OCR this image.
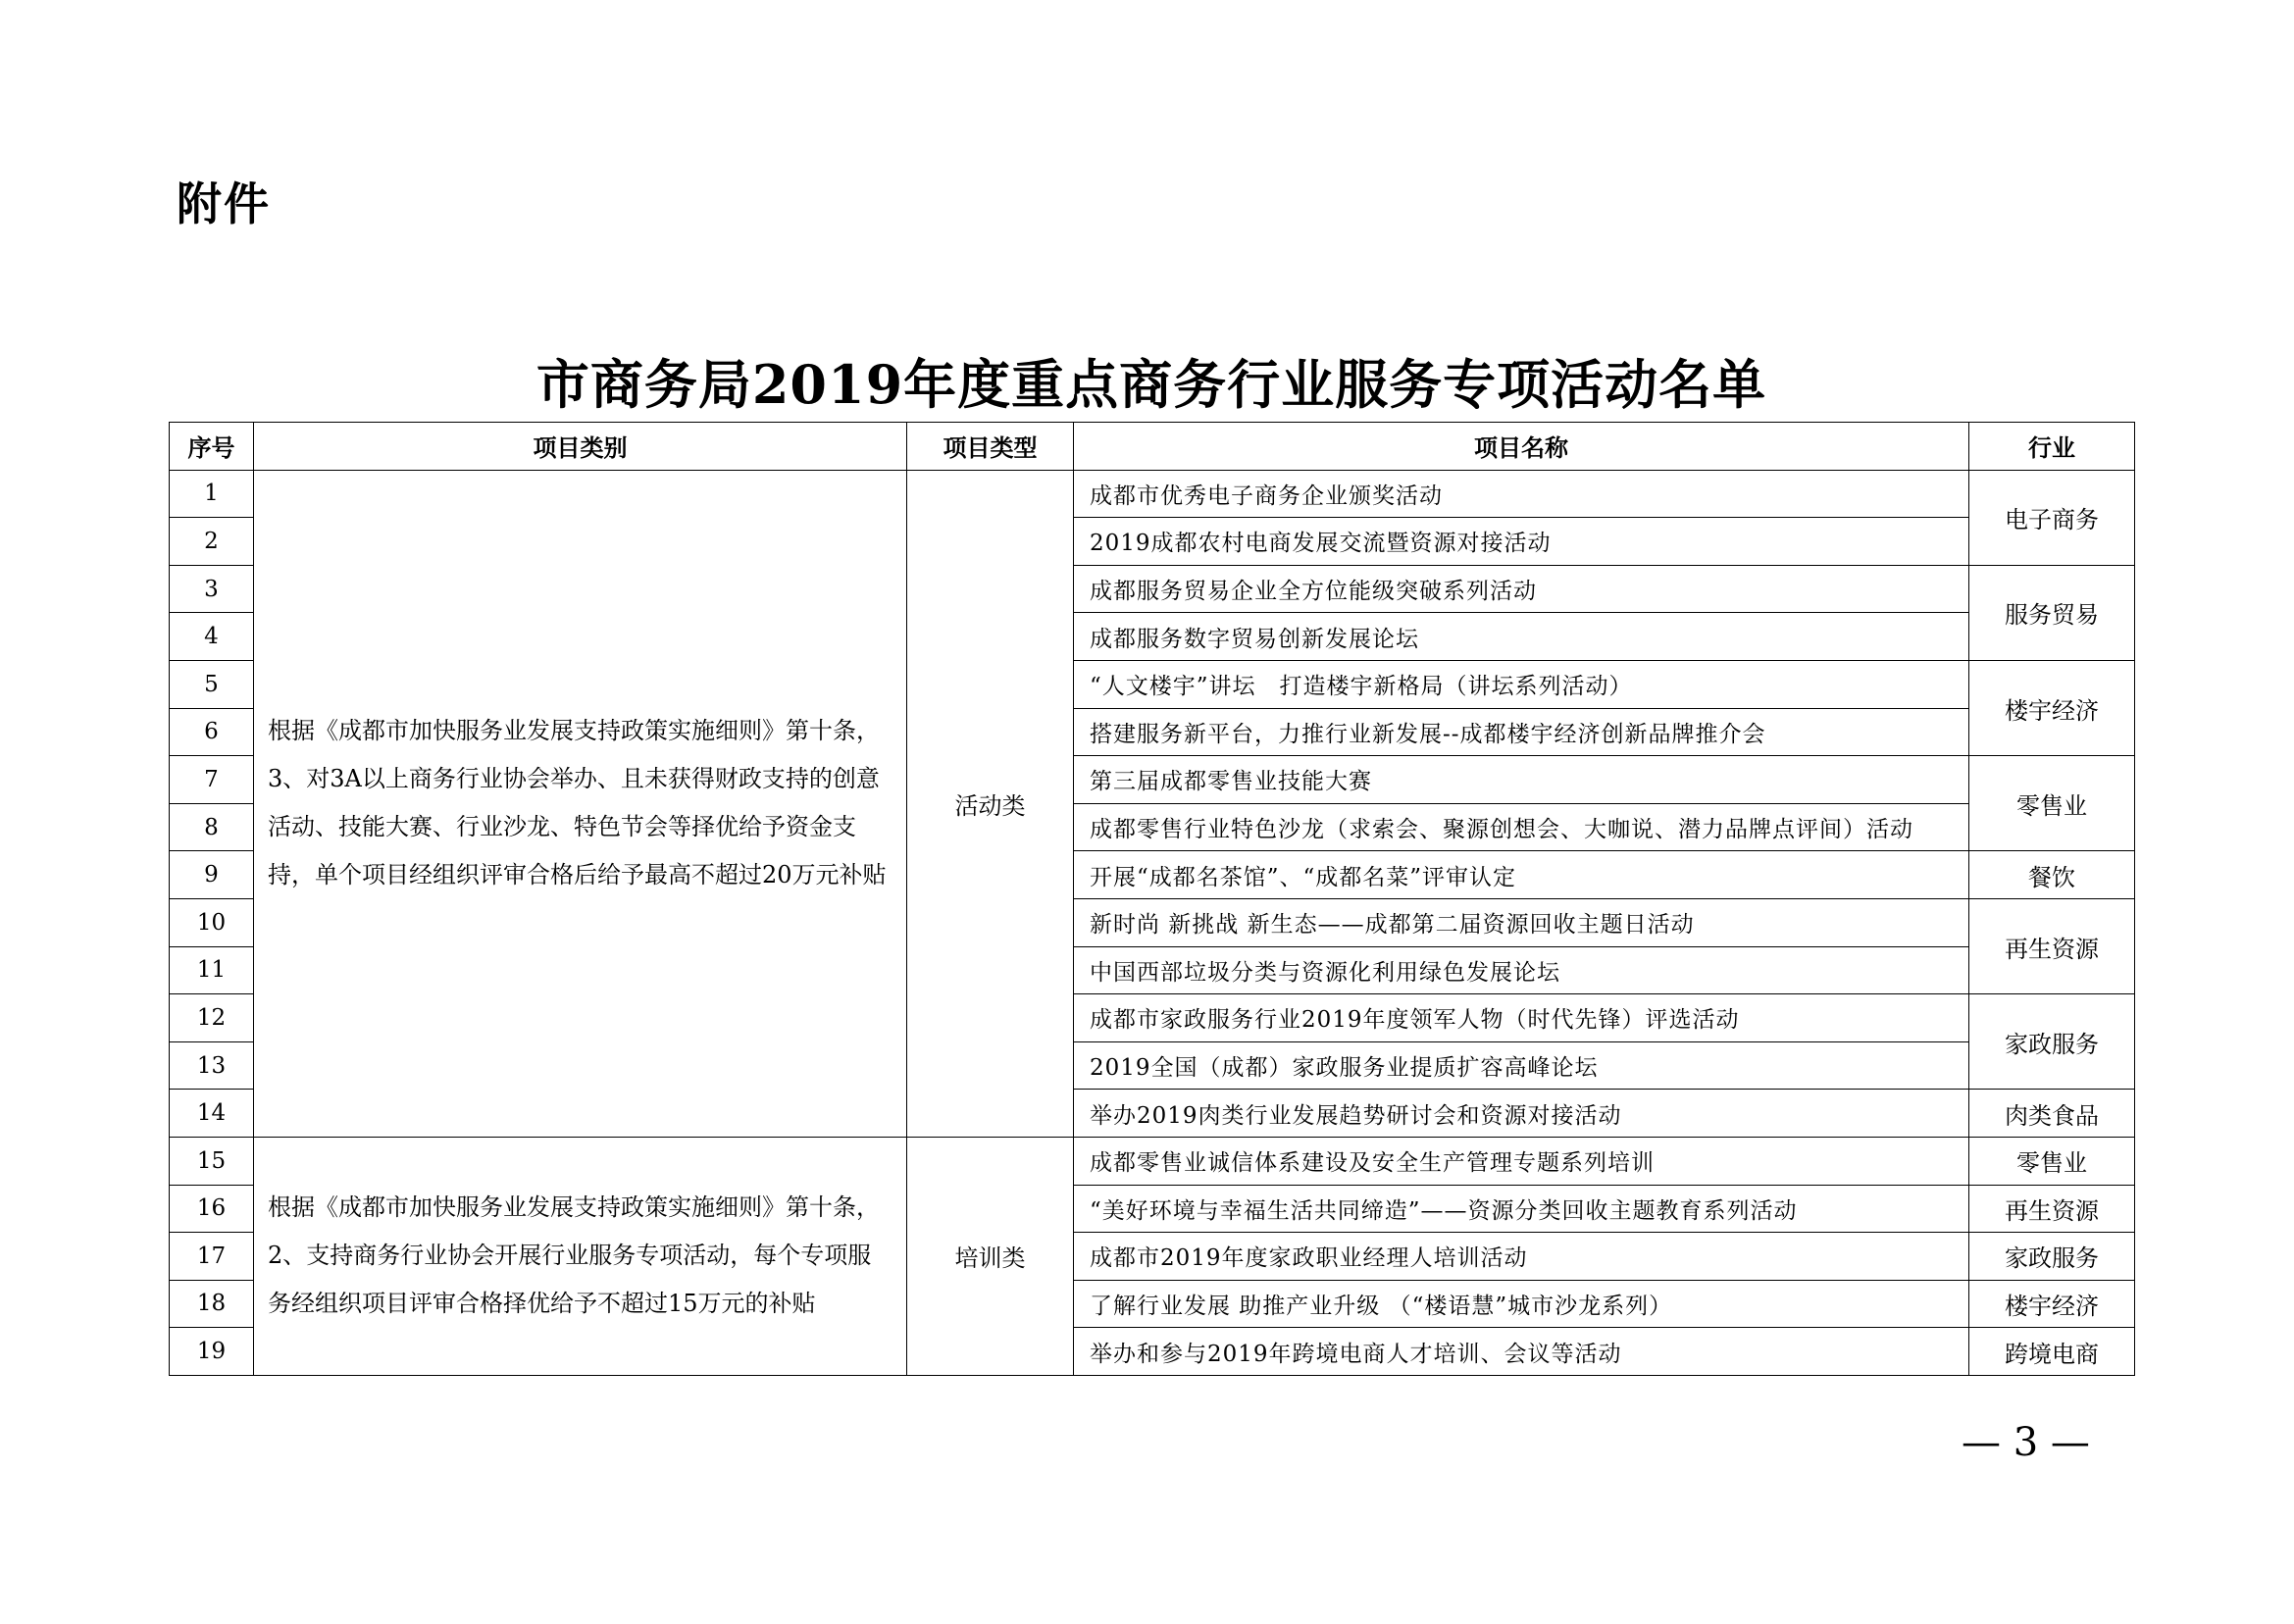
附件
市商务局2019年度重点商务行业服务专项活动名单
序号	项目类别	项目类型	项目名称	行业
1	根据《成都市加快服务业发展支持政策实施细则》第十条，3、对3A以上商务行业协会举办、且未获得财政支持的创意活动、技能大赛、行业沙龙、特色节会等择优给予资金支持，单个项目经组织评审合格后给予最高不超过20万元补贴	活动类	成都市优秀电子商务企业颁奖活动	电子商务
2			2019成都农村电商发展交流暨资源对接活动	
3			成都服务贸易企业全方位能级突破系列活动	服务贸易
4			成都服务数字贸易创新发展论坛	
5			“人文楼宇”讲坛　打造楼宇新格局（讲坛系列活动）	楼宇经济
6			搭建服务新平台，力推行业新发展--成都楼宇经济创新品牌推介会	
7			第三届成都零售业技能大赛	零售业
8			成都零售行业特色沙龙（求索会、聚源创想会、大咖说、潜力品牌点评间）活动	
9			开展“成都名茶馆”、“成都名菜”评审认定	餐饮
10			新时尚 新挑战 新生态——成都第二届资源回收主题日活动	再生资源
11			中国西部垃圾分类与资源化利用绿色发展论坛	
12			成都市家政服务行业2019年度领军人物（时代先锋）评选活动	家政服务
13			2019全国（成都）家政服务业提质扩容高峰论坛	
14			举办2019肉类行业发展趋势研讨会和资源对接活动	肉类食品
15	根据《成都市加快服务业发展支持政策实施细则》第十条，2、支持商务行业协会开展行业服务专项活动，每个专项服务经组织项目评审合格择优给予不超过15万元的补贴	培训类	成都零售业诚信体系建设及安全生产管理专题系列培训	零售业
16			“美好环境与幸福生活共同缔造”——资源分类回收主题教育系列活动	再生资源
17			成都市2019年度家政职业经理人培训活动	家政服务
18			了解行业发展 助推产业升级 （“楼语慧”城市沙龙系列）	楼宇经济
19			举办和参与2019年跨境电商人才培训、会议等活动	跨境电商
— 3 —
